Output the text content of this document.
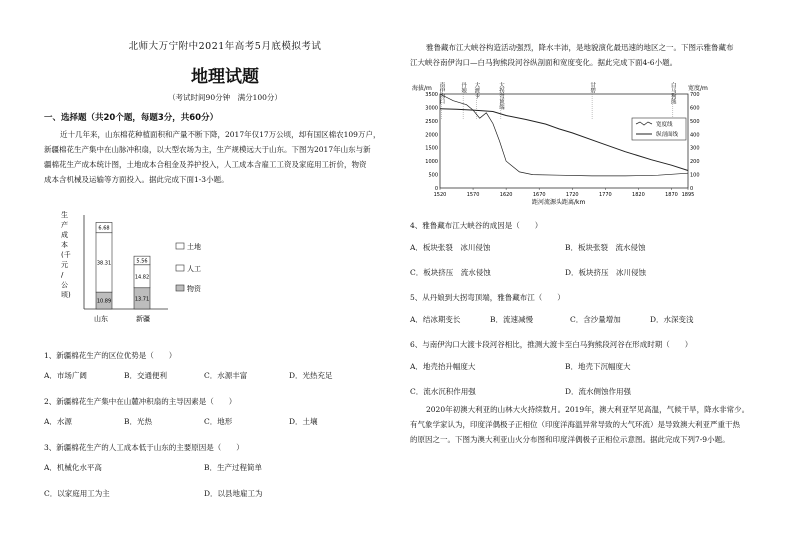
北师大万宁附中2021年高考5月底模拟考试
地理试题
（考试时间90分钟　满分100分）
一、选择题（共20个题，每题3分，共60分）
近十几年来，山东棉花种植面积和产量不断下降，2017年仅17万公顷，却有国区棉农109万户，
新疆棉花生产集中在山脉冲积扇，以大型农场为主，生产规模远大于山东。下图为2017年山东与新
疆棉花生产成本统计图，土地成本合租金及养护投入，人工成本含雇工工资及家庭用工折价，物资
成本含机械及运输等方面投入。据此完成下面1-3小题。
生产成本(千元/公顷)
10.89
38.31
6.68
13.71
14.82
5.56
山东	新疆
土地
人工
物资
1、新疆棉花生产的区位优势是（　　）
A．市场广阔	B．交通便利	C．水源丰富	D．光热充足
2、新疆棉花生产集中在山麓冲积扇的主导因素是（　　）
A．水源	B．光热	C．地形	D．土壤
3、新疆棉花生产的人工成本低于山东的主要原因是（　　）
A．机械化水平高	B．生产过程简单
C．以家庭用工为主	D．以县地雇工为
雅鲁藏布江大峡谷构造活动强烈，降水丰沛，是地貌演化最迅速的地区之一。下图示雅鲁藏布
江大峡谷南伊沟口—白马狗熊段河谷纵剖面和宽度变化。据此完成下面4-6小题。
海拔/m	宽度/m
距河流源头距离/km
1520	1570	1620	1670	1720	1770	1820	1870 1895
0
500
1000
1500
2000
2500
3000
3500
0
100
200
300
400
500
600
700
南伊沟口	丹娘 大渡卡	大拐弯顶端	甘碧	白马狗熊
宽度线
纵剖面线
4、雅鲁藏布江大峡谷的成因是（　　）
A．板块张裂　冰川侵蚀	B．板块张裂　流水侵蚀
C．板块挤压　流水侵蚀	D．板块挤压　冰川侵蚀
5、从丹娘到大拐弯顶端，雅鲁藏布江（　　）
A．结冰期变长	B．流速减慢	C．含沙量增加	D．水深变浅
6、与南伊沟口大渡卡段河谷相比，推测大渡卡至白马狗熊段河谷在形成时期（　　）
A．地壳抬升幅度大	B．地壳下沉幅度大
C．流水沉积作用强	D．流水侧蚀作用强
2020年初澳大利亚的山林大火持续数月。2019年，澳大利亚罕见高温，气候干旱，降水非常少。
有气象学家认为，印度洋偶极子正相位（印度洋海温异常导致的大气环流）是导致澳大利亚严重干热
的原因之一。下图为澳大利亚山火分布图和印度洋偶极子正相位示意图。据此完成下列7-9小题。
